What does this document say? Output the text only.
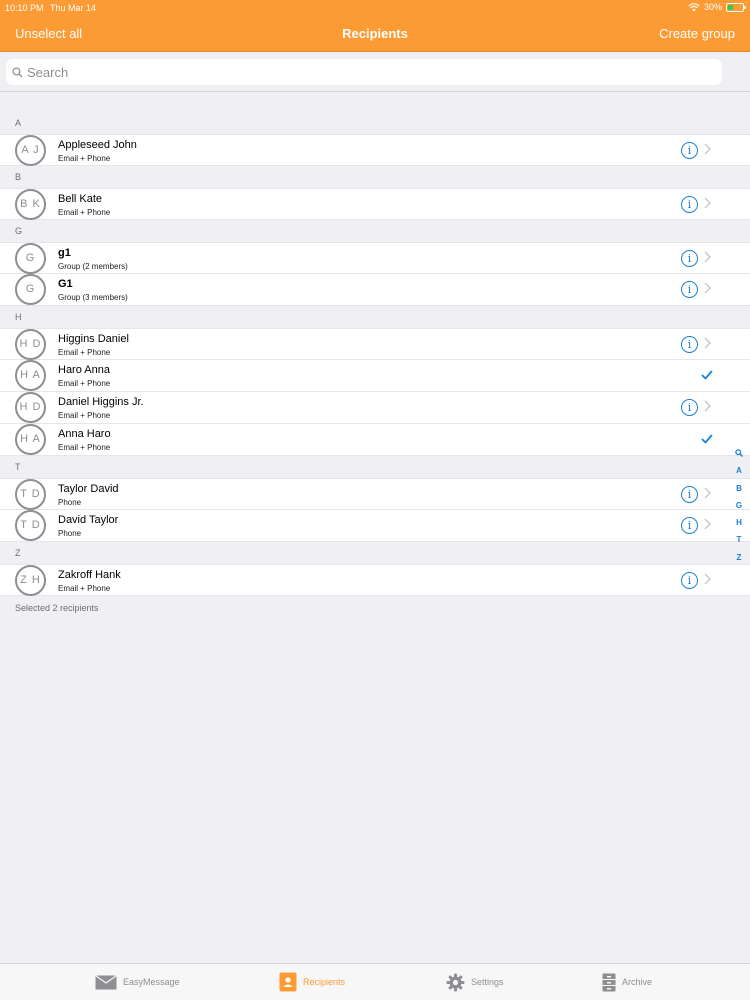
10:10 PM Thu Mar 14	30%
Unselect all	Recipients	Create group
Search
A
A J	Appleseed John
Email + Phone
i
B
B K	Bell Kate
Email + Phone
i
G
G	g1
Group (2 members)
i
G	G1
Group (3 members)
i
H
H D	Higgins Daniel
Email + Phone
i
H A	Haro Anna
Email + Phone
H D	Daniel Higgins Jr.
Email + Phone
i
H A	Anna Haro
Email + Phone
T
T D	Taylor David
Phone
i
T D	David Taylor
Phone
i
Z
Z H	Zakroff Hank
Email + Phone
i
Selected 2 recipients
A
B
G
H
T
Z
EasyMessage	Recipients	Settings	Archive
